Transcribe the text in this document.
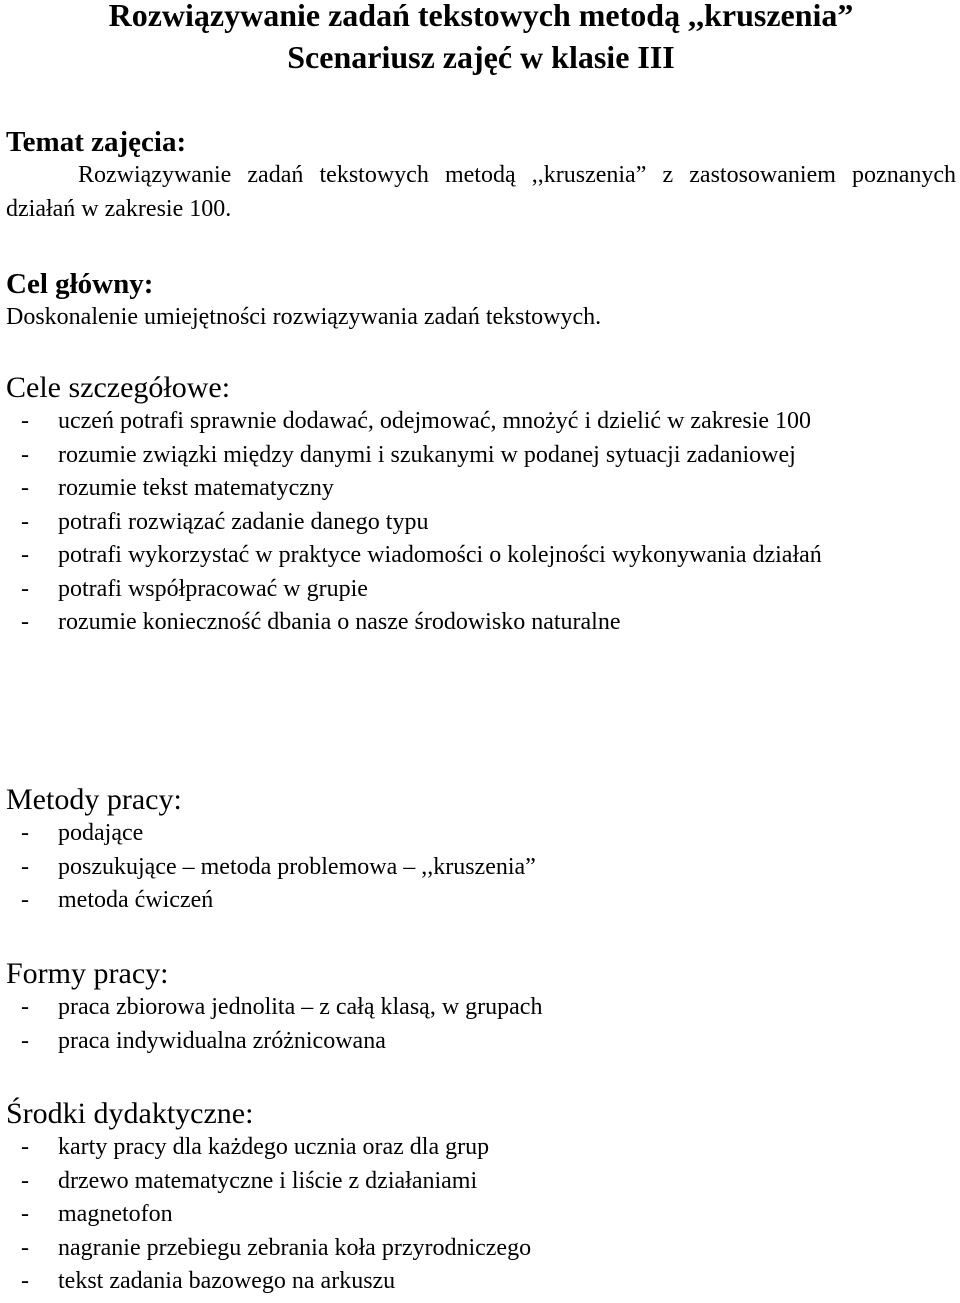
Rozwiązywanie zadań tekstowych metodą ,,kruszenia”

Scenariusz zajęć w klasie III

Temat zajęcia:

Rozwiązywanie zadań tekstowych metodą ,,kruszenia” z zastosowaniem poznanych działań w zakresie 100.

Cel główny:

Doskonalenie umiejętności rozwiązywania zadań tekstowych.

Cele szczegółowe:

-	uczeń potrafi sprawnie dodawać, odejmować, mnożyć i dzielić w zakresie 100
-	rozumie związki między danymi i szukanymi w podanej sytuacji zadaniowej
-	rozumie tekst matematyczny
-	potrafi rozwiązać zadanie danego typu
-	potrafi wykorzystać w praktyce wiadomości o kolejności wykonywania działań
-	potrafi współpracować w grupie
-	rozumie konieczność dbania o nasze środowisko naturalne

Metody pracy:

- podające
- poszukujące – metoda problemowa – ,,kruszenia”
- metoda ćwiczeń

Formy pracy:

- praca zbiorowa jednolita – z całą klasą, w grupach
- praca indywidualna zróżnicowana

Środki dydaktyczne:

- karty pracy dla każdego ucznia oraz dla grup
- drzewo matematyczne i liście z działaniami
- magnetofon
- nagranie przebiegu zebrania koła przyrodniczego
- tekst zadania bazowego na arkuszu
